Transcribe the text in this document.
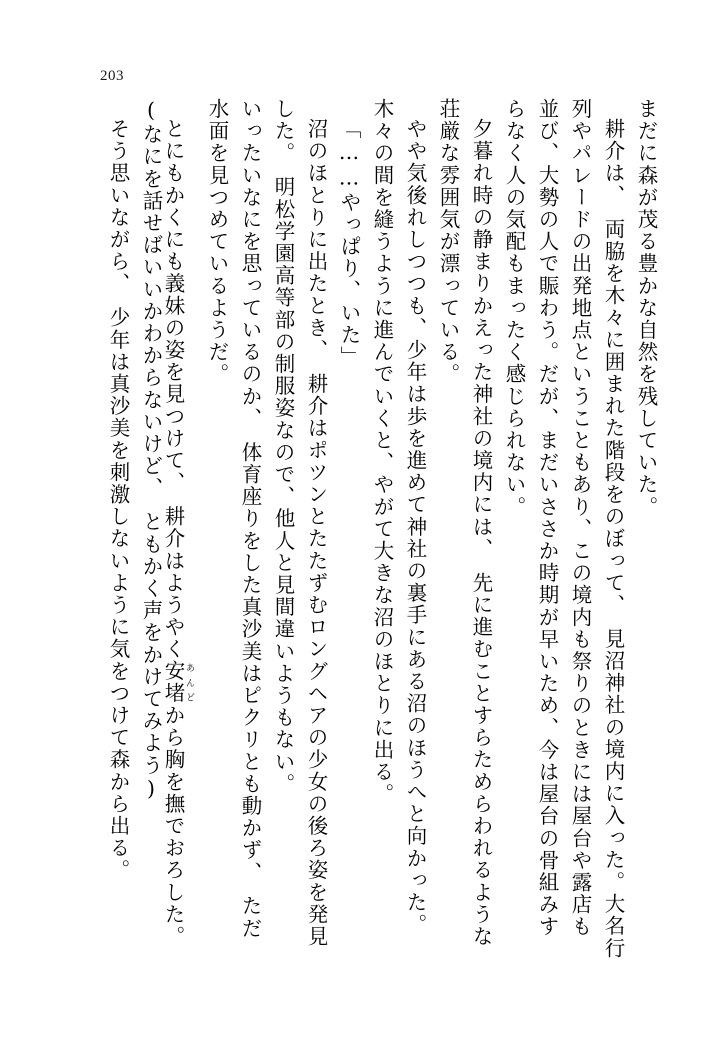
203
まだに森が茂る豊かな自然を残していた。
耕介は、　両脇を木々に囲まれた階段をのぼって、　見沼神社の境内に入った。大名行
列やパレードの出発地点ということもあり、この境内も祭りのときには屋台や露店も
並び、大勢の人で賑わう。だが、まだいささか時期が早いため、今は屋台の骨組みす
らなく人の気配もまったく感じられない。
夕暮れ時の静まりかえった神社の境内には、　先に進むことすらためらわれるような
荘厳な雰囲気が漂っている。
やや気後れしつつも、少年は歩を進めて神社の裏手にある沼のほうへと向かった。
木々の間を縫うように進んでいくと、やがて大きな沼のほとりに出る。
「……やっぱり、いた」
沼のほとりに出たとき、　耕介はポツンとたたずむロングヘアの少女の後ろ姿を発見
した。　明松学園高等部の制服姿なので、他人と見間違いようもない。
いったいなにを思っているのか、　体育座りをした真沙美はピクリとも動かず、　ただ
水面を見つめているようだ。
とにもかくにも義妹の姿を見つけて、　耕介はようやく安堵 あんどから胸を撫でおろした。
(なにを話せばいいかわからないけど、　ともかく声をかけてみよう)
そう思いながら、　少年は真沙美を刺激しないように気をつけて森から出る。
